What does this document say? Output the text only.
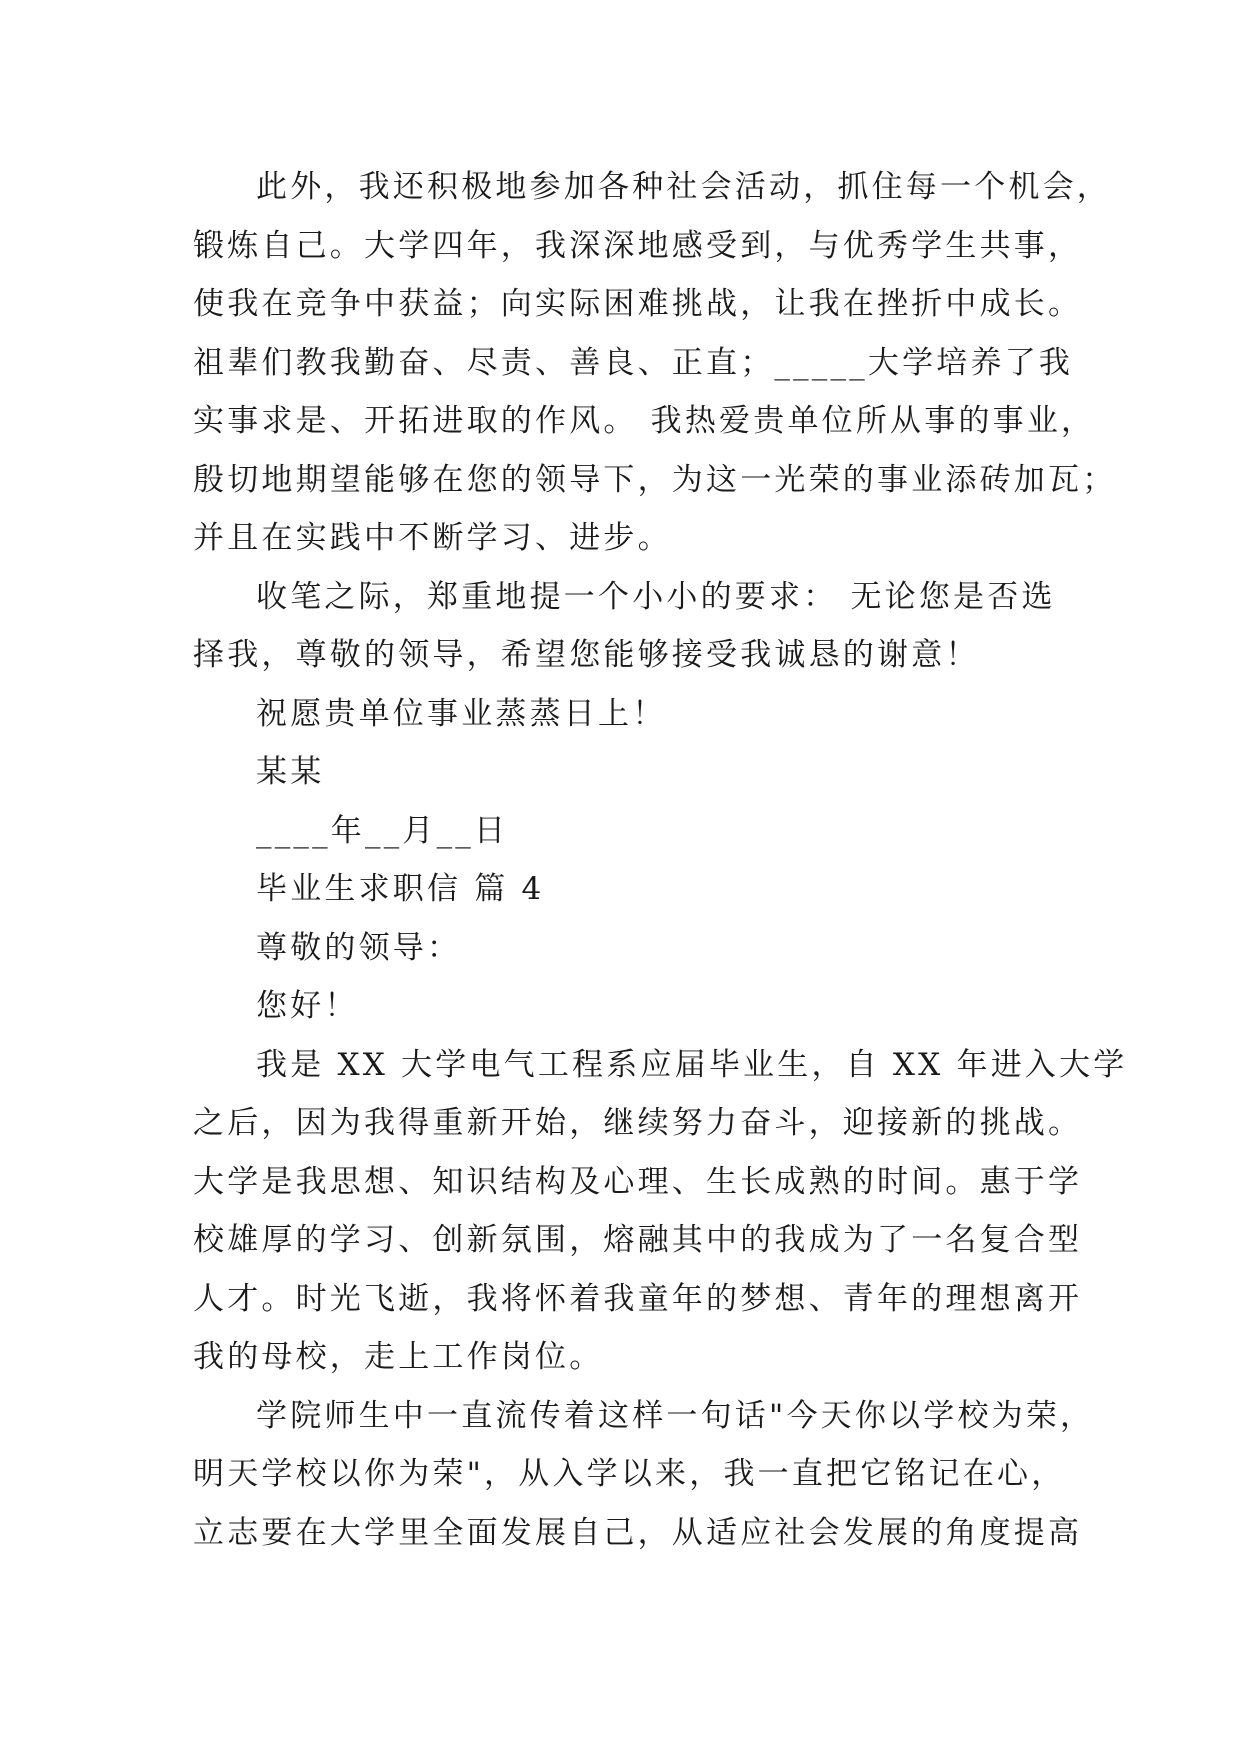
此外，我还积极地参加各种社会活动，抓住每一个机会，
锻炼自己。大学四年，我深深地感受到，与优秀学生共事，
使我在竞争中获益；向实际困难挑战，让我在挫折中成长。
祖辈们教我勤奋、尽责、善良、正直；_____大学培养了我
实事求是、开拓进取的作风。 我热爱贵单位所从事的事业，
殷切地期望能够在您的领导下，为这一光荣的事业添砖加瓦；
并且在实践中不断学习、进步。
收笔之际，郑重地提一个小小的要求： 无论您是否选
择我，尊敬的领导，希望您能够接受我诚恳的谢意！
祝愿贵单位事业蒸蒸日上！
某某
____年__月__日
毕业生求职信 篇 4
尊敬的领导：
您好！
我是 XX 大学电气工程系应届毕业生，自 XX 年进入大学
之后，因为我得重新开始，继续努力奋斗，迎接新的挑战。
大学是我思想、知识结构及心理、生长成熟的时间。惠于学
校雄厚的学习、创新氛围，熔融其中的我成为了一名复合型
人才。时光飞逝，我将怀着我童年的梦想、青年的理想离开
我的母校，走上工作岗位。
学院师生中一直流传着这样一句话"今天你以学校为荣，
明天学校以你为荣"，从入学以来，我一直把它铭记在心，
立志要在大学里全面发展自己，从适应社会发展的角度提高
